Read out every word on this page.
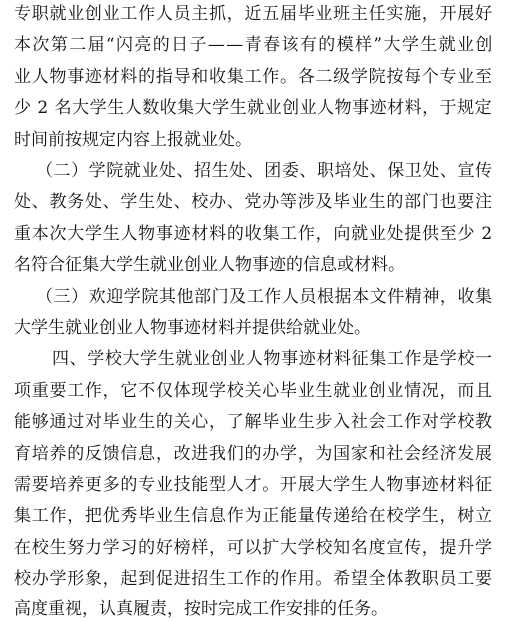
专职就业创业工作人员主抓，近五届毕业班主任实施，开展好
本次第二届“闪亮的日子——青春该有的模样”大学生就业创
业人物事迹材料的指导和收集工作。各二级学院按每个专业至
少 2 名大学生人数收集大学生就业创业人物事迹材料，于规定
时间前按规定内容上报就业处。
（二）学院就业处、招生处、团委、职培处、保卫处、宣传
处、教务处、学生处、校办、党办等涉及毕业生的部门也要注
重本次大学生人物事迹材料的收集工作，向就业处提供至少 2
名符合征集大学生就业创业人物事迹的信息或材料。
（三）欢迎学院其他部门及工作人员根据本文件精神，收集
大学生就业创业人物事迹材料并提供给就业处。
四、学校大学生就业创业人物事迹材料征集工作是学校一
项重要工作，它不仅体现学校关心毕业生就业创业情况，而且
能够通过对毕业生的关心，了解毕业生步入社会工作对学校教
育培养的反馈信息，改进我们的办学，为国家和社会经济发展
需要培养更多的专业技能型人才。开展大学生人物事迹材料征
集工作，把优秀毕业生信息作为正能量传递给在校学生，树立
在校生努力学习的好榜样，可以扩大学校知名度宣传，提升学
校办学形象，起到促进招生工作的作用。希望全体教职员工要
高度重视，认真履责，按时完成工作安排的任务。
